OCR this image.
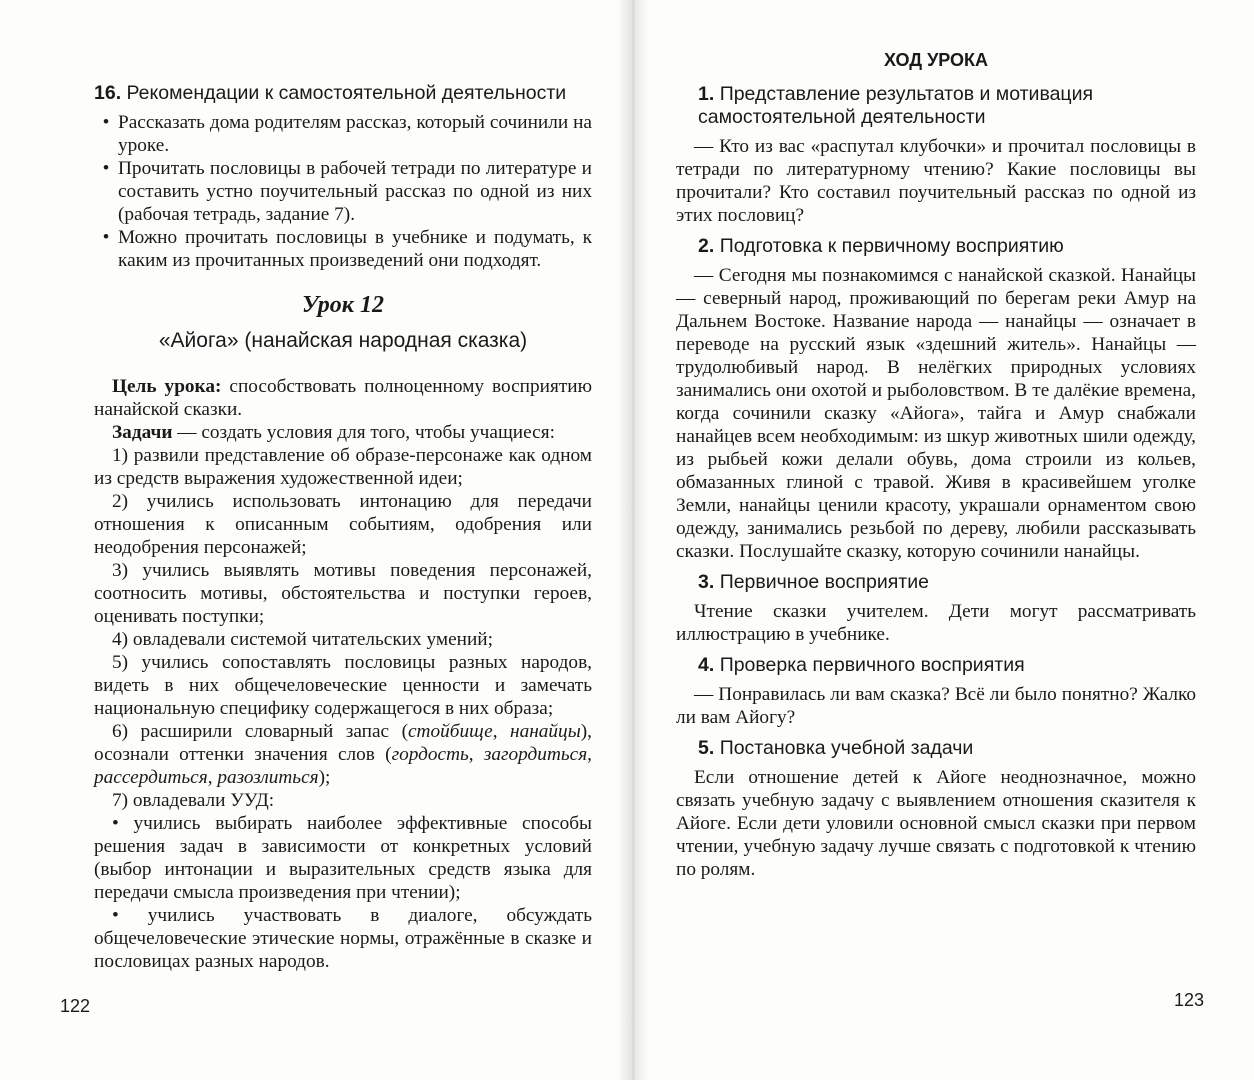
16. Рекомендации к самостоятельной деятельности

• Рассказать дома родителям рассказ, который сочинили на уроке.
• Прочитать пословицы в рабочей тетради по литературе и составить устно поучительный рассказ по одной из них (рабочая тетрадь, задание 7).
• Можно прочитать пословицы в учебнике и подумать, к каким из прочитанных произведений они подходят.
Урок 12
«Айога» (нанайская народная сказка)

Цель урока: способствовать полноценному восприятию нанайской сказки.

Задачи — создать условия для того, чтобы учащиеся:

1) развили представление об образе-персонаже как одном из средств выражения художественной идеи;

2) учились использовать интонацию для передачи отношения к описанным событиям, одобрения или неодобрения персонажей;

3) учились выявлять мотивы поведения персонажей, соотносить мотивы, обстоятельства и поступки героев, оценивать поступки;

4) овладевали системой читательских умений;

5) учились сопоставлять пословицы разных народов, видеть в них общечеловеческие ценности и замечать национальную специфику содержащегося в них образа;

6) расширили словарный запас (стойбище, нанайцы), осознали оттенки значения слов (гордость, загордиться, рассердиться, разозлиться);

7) овладевали УУД:

• учились выбирать наиболее эффективные способы решения задач в зависимости от конкретных условий (выбор интонации и выразительных средств языка для передачи смысла произведения при чтении);

• учились участвовать в диалоге, обсуждать общечеловеческие этические нормы, отражённые в сказке и пословицах разных народов.

122
ХОД УРОКА

1. Представление результатов и мотивация самостоятельной деятельности

— Кто из вас «распутал клубочки» и прочитал пословицы в тетради по литературному чтению? Какие пословицы вы прочитали? Кто составил поучительный рассказ по одной из этих пословиц?

2. Подготовка к первичному восприятию

— Сегодня мы познакомимся с нанайской сказкой. Нанайцы — северный народ, проживающий по берегам реки Амур на Дальнем Востоке. Название народа — нанайцы — означает в переводе на русский язык «здешний житель». Нанайцы — трудолюбивый народ. В нелёгких природных условиях занимались они охотой и рыболовством. В те далёкие времена, когда сочинили сказку «Айога», тайга и Амур снабжали нанайцев всем необходимым: из шкур животных шили одежду, из рыбьей кожи делали обувь, дома строили из кольев, обмазанных глиной с травой. Живя в красивейшем уголке Земли, нанайцы ценили красоту, украшали орнаментом свою одежду, занимались резьбой по дереву, любили рассказывать сказки. Послушайте сказку, которую сочинили нанайцы.

3. Первичное восприятие

Чтение сказки учителем. Дети могут рассматривать иллюстрацию в учебнике.

4. Проверка первичного восприятия

— Понравилась ли вам сказка? Всё ли было понятно? Жалко ли вам Айогу?

5. Постановка учебной задачи

Если отношение детей к Айоге неоднозначное, можно связать учебную задачу с выявлением отношения сказителя к Айоге. Если дети уловили основной смысл сказки при первом чтении, учебную задачу лучше связать с подготовкой к чтению по ролям.

123
